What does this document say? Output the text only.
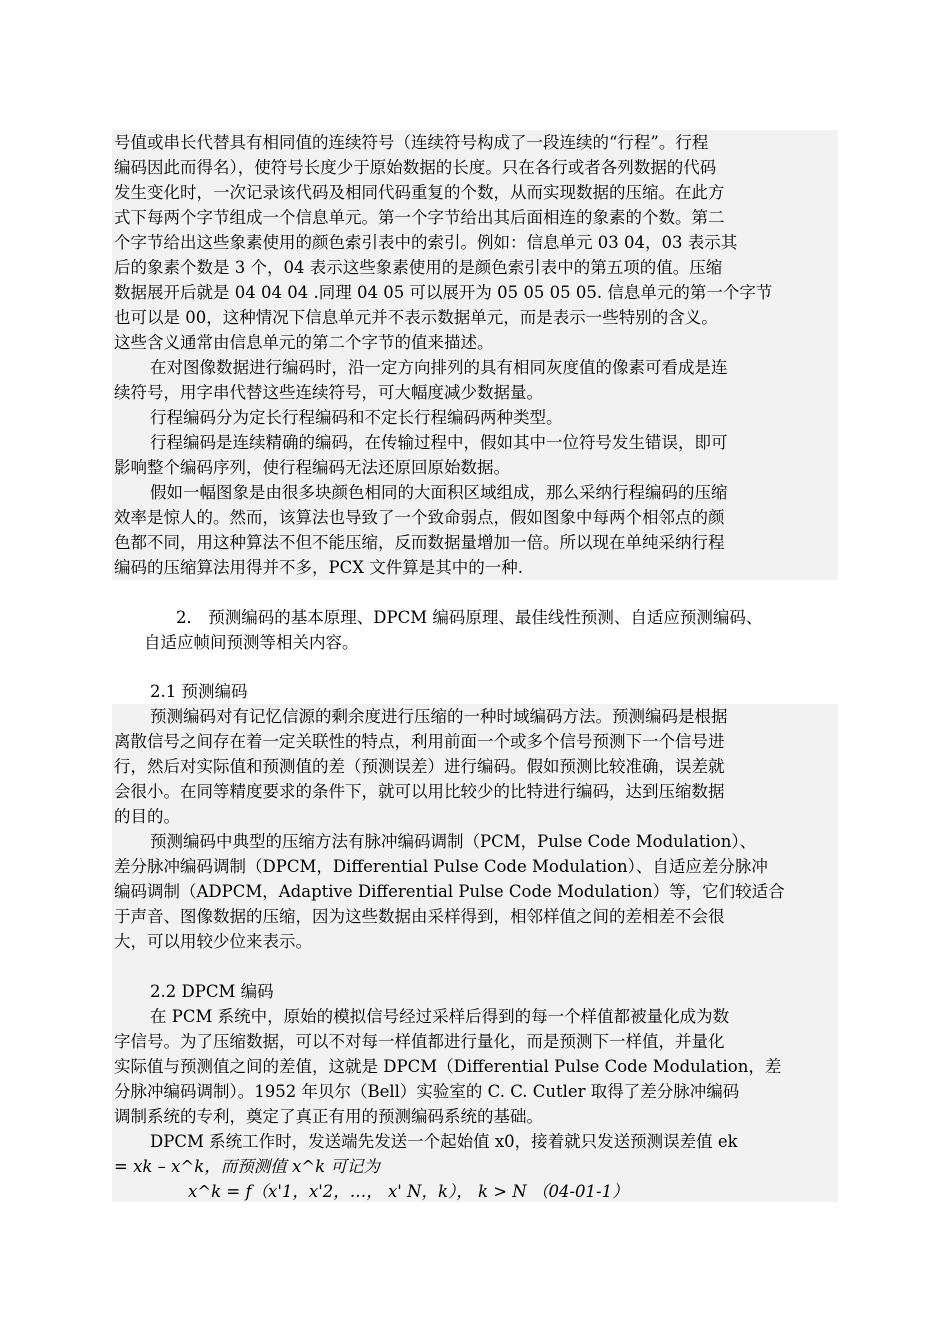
号值或串长代替具有相同值的连续符号（连续符号构成了一段连续的“行程”。行程

编码因此而得名），使符号长度少于原始数据的长度。只在各行或者各列数据的代码

发生变化时，一次记录该代码及相同代码重复的个数，从而实现数据的压缩。在此方

式下每两个字节组成一个信息单元。第一个字节给出其后面相连的象素的个数。第二

个字节给出这些象素使用的颜色索引表中的索引。例如：信息单元 03 04，03 表示其

后的象素个数是 3 个，04 表示这些象素使用的是颜色索引表中的第五项的值。压缩

数据展开后就是 04 04 04 .同理 04 05 可以展开为 05 05 05 05. 信息单元的第一个字节

也可以是 00，这种情况下信息单元并不表示数据单元，而是表示一些特别的含义。

这些含义通常由信息单元的第二个字节的值来描述。

在对图像数据进行编码时，沿一定方向排列的具有相同灰度值的像素可看成是连

续符号，用字串代替这些连续符号，可大幅度减少数据量。

行程编码分为定长行程编码和不定长行程编码两种类型。

行程编码是连续精确的编码，在传输过程中，假如其中一位符号发生错误，即可

影响整个编码序列，使行程编码无法还原回原始数据。

假如一幅图象是由很多块颜色相同的大面积区域组成，那么采纳行程编码的压缩

效率是惊人的。然而，该算法也导致了一个致命弱点，假如图象中每两个相邻点的颜

色都不同，用这种算法不但不能压缩，反而数据量增加一倍。所以现在单纯采纳行程

编码的压缩算法用得并不多，PCX 文件算是其中的一种.

2． 预测编码的基本原理、DPCM 编码原理、最佳线性预测、自适应预测编码、

自适应帧间预测等相关内容。

2.1 预测编码

预测编码对有记忆信源的剩余度进行压缩的一种时域编码方法。预测编码是根据

离散信号之间存在着一定关联性的特点，利用前面一个或多个信号预测下一个信号进

行，然后对实际值和预测值的差（预测误差）进行编码。假如预测比较准确，误差就

会很小。在同等精度要求的条件下，就可以用比较少的比特进行编码，达到压缩数据

的目的。

预测编码中典型的压缩方法有脉冲编码调制（PCM，Pulse Code Modulation）、

差分脉冲编码调制（DPCM，Differential Pulse Code Modulation）、自适应差分脉冲

编码调制（ADPCM，Adaptive Differential Pulse Code Modulation）等，它们较适合

于声音、图像数据的压缩，因为这些数据由采样得到，相邻样值之间的差相差不会很

大，可以用较少位来表示。

2.2 DPCM 编码

在 PCM 系统中，原始的模拟信号经过采样后得到的每一个样值都被量化成为数

字信号。为了压缩数据，可以不对每一样值都进行量化，而是预测下一样值，并量化

实际值与预测值之间的差值，这就是 DPCM（Differential Pulse Code Modulation，差

分脉冲编码调制）。1952 年贝尔（Bell）实验室的 C. C. Cutler 取得了差分脉冲编码

调制系统的专利，奠定了真正有用的预测编码系统的基础。

DPCM 系统工作时，发送端先发送一个起始值 x0，接着就只发送预测误差值 ek

= xk – x^k，而预测值 x^k 可记为

x^k = f（x'1，x'2，…， x' N，k）， k > N （04-01-1）
